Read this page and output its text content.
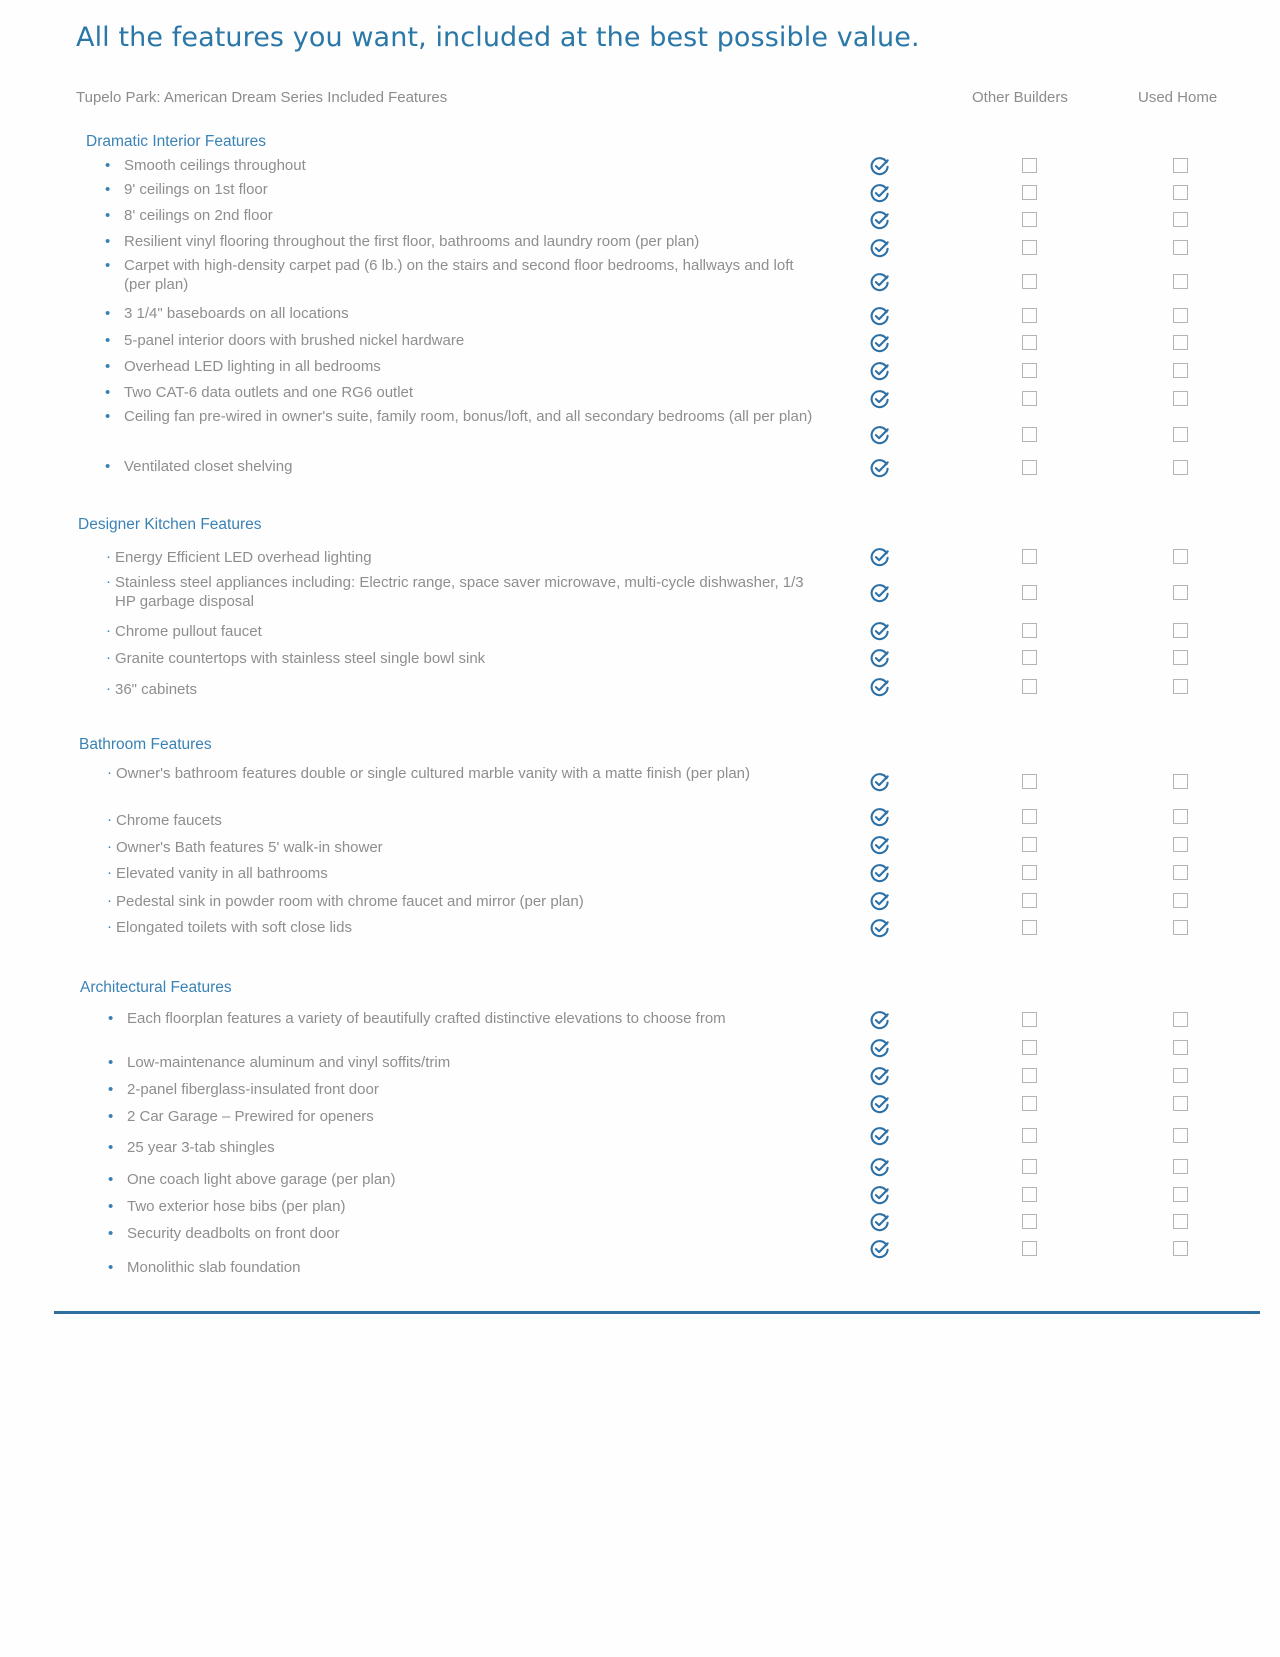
All the features you want, included at the best possible value.
Tupelo Park: American Dream Series Included Features	Other Builders	Used Home
Dramatic Interior Features
• Smooth ceilings throughout
• 9' ceilings on 1st floor
• 8' ceilings on 2nd floor
• Resilient vinyl flooring throughout the first floor, bathrooms and laundry room (per plan)
• Carpet with high-density carpet pad (6 lb.) on the stairs and second floor bedrooms, hallways and loft (per plan)
• 3 1/4" baseboards on all locations
• 5-panel interior doors with brushed nickel hardware
• Overhead LED lighting in all bedrooms
• Two CAT-6 data outlets and one RG6 outlet
• Ceiling fan pre-wired in owner's suite, family room, bonus/loft, and all secondary bedrooms (all per plan)
• Ventilated closet shelving
Designer Kitchen Features
· Energy Efficient LED overhead lighting
· Stainless steel appliances including: Electric range, space saver microwave, multi-cycle dishwasher, 1/3 HP garbage disposal
· Chrome pullout faucet
· Granite countertops with stainless steel single bowl sink
· 36" cabinets
Bathroom Features
· Owner's bathroom features double or single cultured marble vanity with a matte finish (per plan)
· Chrome faucets
· Owner's Bath features 5' walk-in shower
· Elevated vanity in all bathrooms
· Pedestal sink in powder room with chrome faucet and mirror (per plan)
· Elongated toilets with soft close lids
Architectural Features
• Each floorplan features a variety of beautifully crafted distinctive elevations to choose from
• Low-maintenance aluminum and vinyl soffits/trim
• 2-panel fiberglass-insulated front door
• 2 Car Garage – Prewired for openers
• 25 year 3-tab shingles
• One coach light above garage (per plan)
• Two exterior hose bibs (per plan)
• Security deadbolts on front door
• Monolithic slab foundation
